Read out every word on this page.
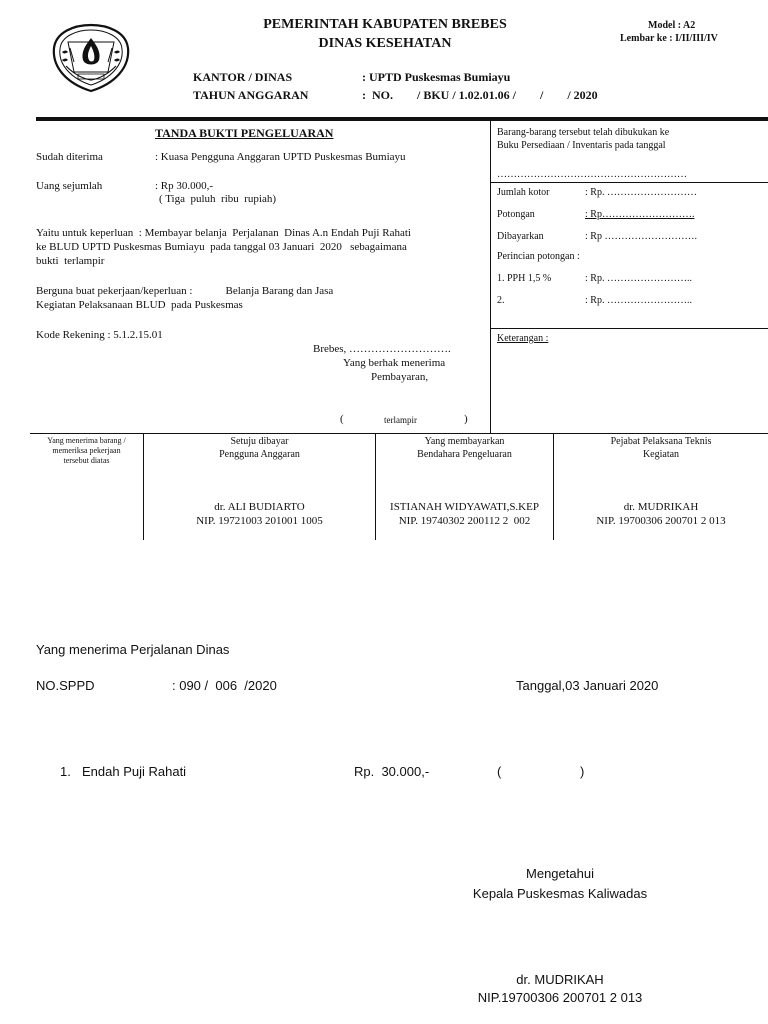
PEMERINTAH KABUPATEN BREBES
DINAS KESEHATAN
Model : A2
Lembar ke : I/II/III/IV
KANTOR / DINAS	: UPTD Puskesmas Bumiayu
TAHUN ANGGARAN	:  NO.        / BKU / 1.02.01.06 /        /        / 2020
TANDA BUKTI PENGELUARAN
Sudah diterima	: Kuasa Pengguna Anggaran UPTD Puskesmas Bumiayu
Uang sejumlah	: Rp 30.000,-
( Tiga  puluh  ribu  rupiah)
Yaitu untuk keperluan  : Membayar belanja  Perjalanan  Dinas A.n Endah Puji Rahati
ke BLUD UPTD Puskesmas Bumiayu  pada tanggal 03 Januari  2020   sebagaimana
bukti  terlampir
Berguna buat pekerjaan/keperluan :            Belanja Barang dan Jasa
Kegiatan Pelaksanaan BLUD  pada Puskesmas
Kode Rekening : 5.1.2.15.01
Brebes, ……………………….
Yang berhak menerima
Pembayaran,
(	terlampir	)
Barang-barang tersebut telah dibukukan ke
Buku Persediaan / Inventaris pada tanggal
…………………………………………………
Jumlah kotor	: Rp. ………………………
Potongan	: Rp……………………….
Dibayarkan	: Rp ……………………….
Perincian potongan :
1. PPH 1,5 %	: Rp. ……………………..
2.	: Rp. ……………………..
Keterangan :
Yang menerima barang /
memeriksa pekerjaan
tersebut diatas
Setuju dibayar
Pengguna Anggaran
dr. ALI BUDIARTO
NIP. 19721003 201001 1005
Yang membayarkan
Bendahara Pengeluaran
ISTIANAH WIDYAWATI,S.KEP
NIP. 19740302 200112 2  002
Pejabat Pelaksana Teknis
Kegiatan
dr. MUDRIKAH
NIP. 19700306 200701 2 013
Yang menerima Perjalanan Dinas
NO.SPPD	: 090 /  006  /2020	Tanggal,03 Januari 2020
1. Endah Puji Rahati	Rp.  30.000,-	(	)
Mengetahui
Kepala Puskesmas Kaliwadas
dr. MUDRIKAH
NIP.19700306 200701 2 013
